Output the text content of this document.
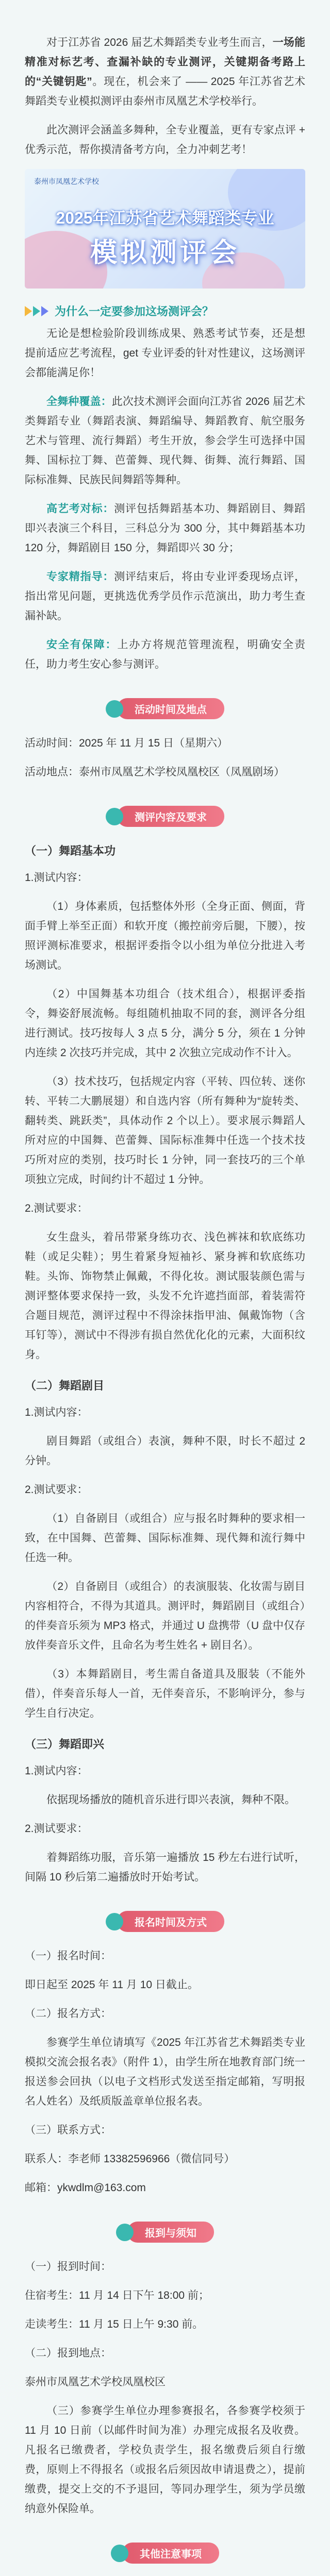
对于江苏省 2026 届艺术舞蹈类专业考生而言，一场能精准对标艺考、查漏补缺的专业测评，关键期备考路上的“关键钥匙”。现在，机会来了 —— 2025 年江苏省艺术舞蹈类专业模拟测评由泰州市凤凰艺术学校举行。

此次测评会涵盖多舞种，全专业覆盖，更有专家点评 + 优秀示范，帮你摸清备考方向，全力冲刺艺考！

泰州市凤凰艺术学校
2025年江苏省艺术舞蹈类专业
模拟测评会
为什么一定要参加这场测评会？

无论是想检验阶段训练成果、熟悉考试节奏，还是想提前适应艺考流程，get 专业评委的针对性建议，这场测评会都能满足你！

全舞种覆盖：此次技术测评会面向江苏省 2026 届艺术类舞蹈专业（舞蹈表演、舞蹈编导、舞蹈教育、航空服务艺术与管理、流行舞蹈）考生开放，参会学生可选择中国舞、国标拉丁舞、芭蕾舞、现代舞、街舞、流行舞蹈、国际标准舞、民族民间舞蹈等舞种。

高艺考对标：测评包括舞蹈基本功、舞蹈剧目、舞蹈即兴表演三个科目，三科总分为 300 分，其中舞蹈基本功 120 分，舞蹈剧目 150 分，舞蹈即兴 30 分；

专家精指导：测评结束后，将由专业评委现场点评，指出常见问题，更挑选优秀学员作示范演出，助力考生查漏补缺。

安全有保障：上办方将规范管理流程，明确安全责任，助力考生安心参与测评。

活动时间及地点

活动时间：2025 年 11 月 15 日（星期六）

活动地点：泰州市凤凰艺术学校凤凰校区（凤凰剧场）

测评内容及要求

（一）舞蹈基本功

1.测试内容：

（1）身体素质，包括整体外形（全身正面、侧面，背面手臂上举至正面）和软开度（搬控前旁后腿，下腰），按照评测标准要求，根据评委指令以小组为单位分批进入考场测试。

（2）中国舞基本功组合（技术组合），根据评委指令，舞姿舒展流畅。每组随机抽取不同的套，测评各分组进行测试。技巧按每人 3 点 5 分，满分 5 分，须在 1 分钟内连续 2 次技巧并完成，其中 2 次独立完成动作不计入。

（3）技术技巧，包括规定内容（平转、四位转、迷你转、平转二大鹏展翅）和自选内容（所有舞种为“旋转类、翻转类、跳跃类”，具体动作 2 个以上）。要求展示舞蹈人所对应的中国舞、芭蕾舞、国际标准舞中任选一个技术技巧所对应的类别，技巧时长 1 分钟，同一套技巧的三个单项独立完成，时间约计不超过 1 分钟。

2.测试要求：

女生盘头，着吊带紧身练功衣、浅色裤袜和软底练功鞋（或足尖鞋）；男生着紧身短袖衫、紧身裤和软底练功鞋。头饰、饰物禁止佩戴，不得化妆。测试服装颜色需与测评整体要求保持一致，头发不允许遮挡面部，着装需符合题目规范，测评过程中不得涂抹指甲油、佩戴饰物（含耳钉等），测试中不得涉有损自然优化化的元素，大面积纹身。

（二）舞蹈剧目

1.测试内容：

剧目舞蹈（或组合）表演，舞种不限，时长不超过 2 分钟。

2.测试要求：

（1）自备剧目（或组合）应与报名时舞种的要求相一致，在中国舞、芭蕾舞、国际标准舞、现代舞和流行舞中任选一种。

（2）自备剧目（或组合）的表演服装、化妆需与剧目内容相符合，不得为其道具。测评时，舞蹈剧目（或组合）的伴奏音乐须为 MP3 格式，并通过 U 盘携带（U 盘中仅存放伴奏音乐文件，且命名为考生姓名 + 剧目名）。

（3）本舞蹈剧目，考生需自备道具及服装（不能外借），伴奏音乐每人一首，无伴奏音乐，不影响评分，参与学生自行决定。

（三）舞蹈即兴

1.测试内容：

依据现场播放的随机音乐进行即兴表演，舞种不限。

2.测试要求：

着舞蹈练功服，音乐第一遍播放 15 秒左右进行试听，间隔 10 秒后第二遍播放时开始考试。

报名时间及方式

（一）报名时间：

即日起至 2025 年 11 月 10 日截止。

（二）报名方式：

参赛学生单位请填写《2025 年江苏省艺术舞蹈类专业模拟交流会报名表》（附件 1），由学生所在地教育部门统一报送参会回执（以电子文档形式发送至指定邮箱，写明报名人姓名）及纸质版盖章单位报名表。

（三）联系方式：

联系人：李老师 13382596966（微信同号）

邮箱：ykwdlm@163.com

报到与须知

（一）报到时间：

住宿考生：11 月 14 日下午 18:00 前；

走读考生：11 月 15 日上午 9:30 前。

（二）报到地点：

泰州市凤凰艺术学校凤凰校区

（三）参赛学生单位办理参赛报名，各参赛学校须于 11 月 10 日前（以邮件时间为准）办理完成报名及收费。凡报名已缴费者，学校负责学生，报名缴费后须自行缴费，原则上不得报名（或报名后须因故申请退费之），提前缴费，提交上交的不予退回，等同办理学生，须为学员缴纳意外保险单。

其他注意事项
